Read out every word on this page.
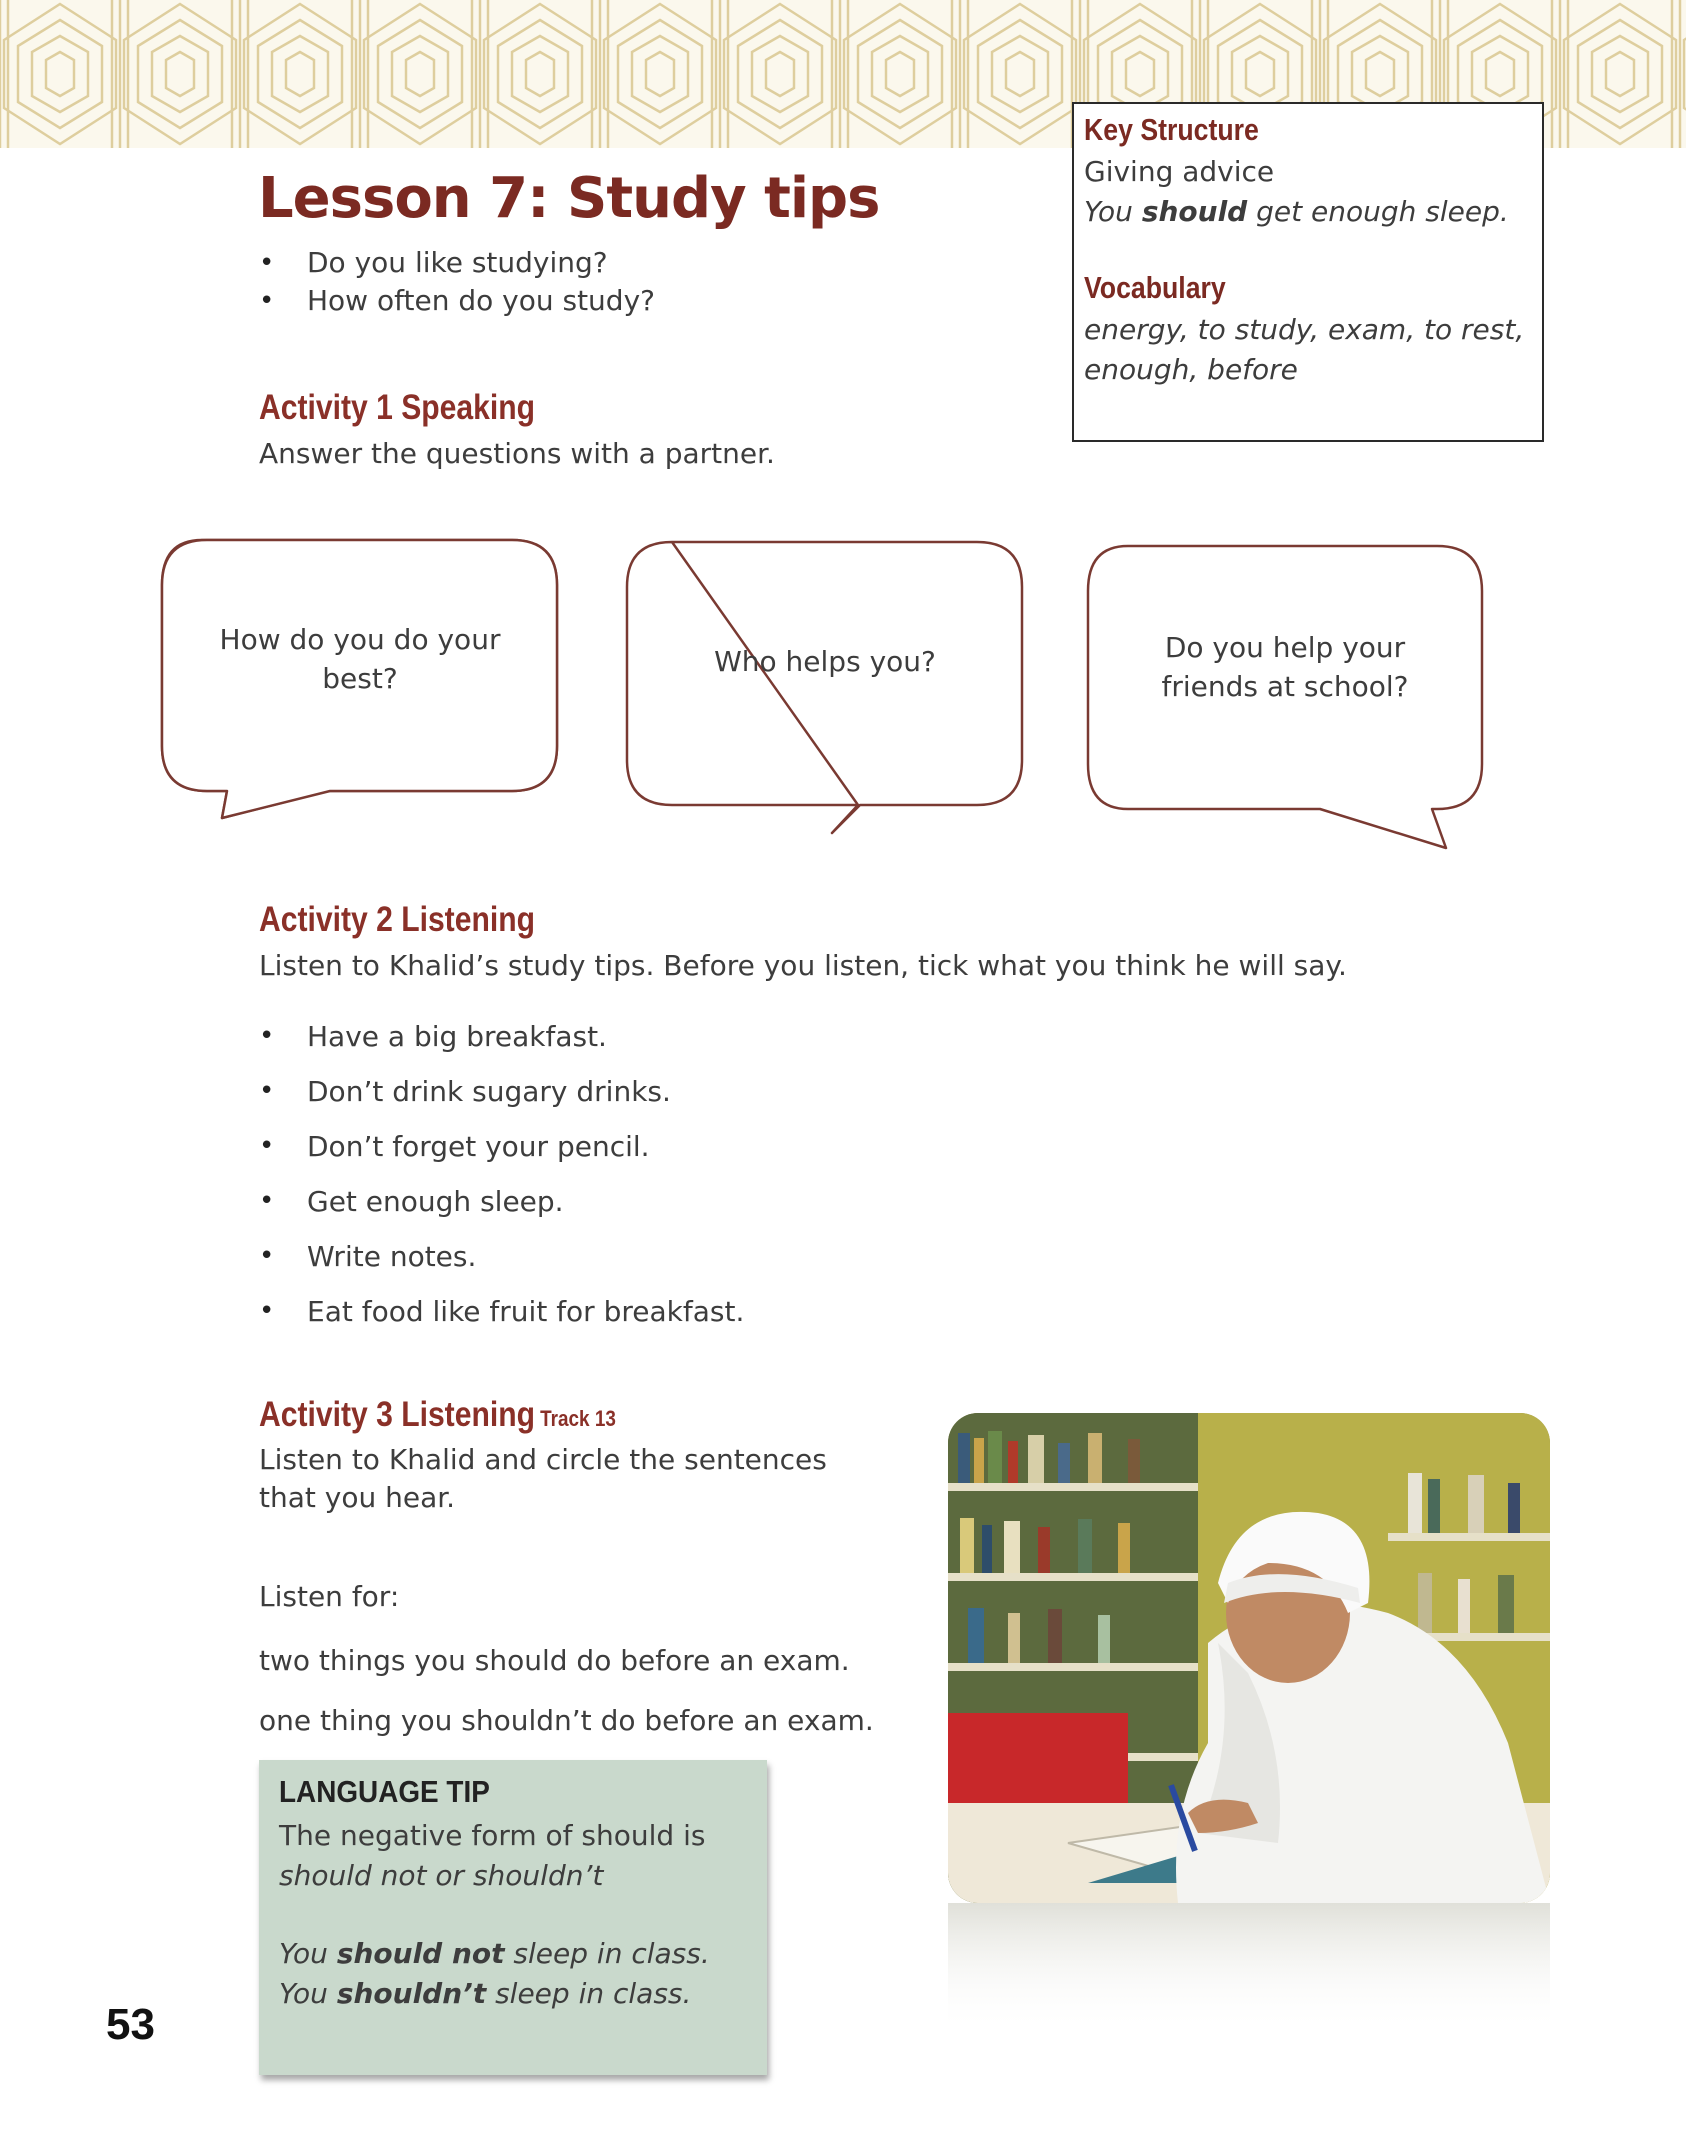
Lesson 7: Study tips
• Do you like studying?
• How often do you study?
Key Structure
Giving advice
You should get enough sleep.
Vocabulary
energy, to study, exam, to rest,
enough, before
Activity 1 Speaking
Answer the questions with a partner.
How do you do your
best?
Who helps you?	Do you help your
friends at school?
Activity 2 Listening
Listen to Khalid’s study tips. Before you listen, tick what you think he will say.
• Have a big breakfast.
• Don’t drink sugary drinks.
• Don’t forget your pencil.
• Get enough sleep.
• Write notes.
• Eat food like fruit for breakfast.
Activity 3 Listening Track 13
Listen to Khalid and circle the sentences
that you hear.
Listen for:
two things you should do before an exam.
one thing you shouldn’t do before an exam.
LANGUAGE TIP
The negative form of should is
should not or shouldn’t
You should not sleep in class.
You shouldn’t sleep in class.
53
